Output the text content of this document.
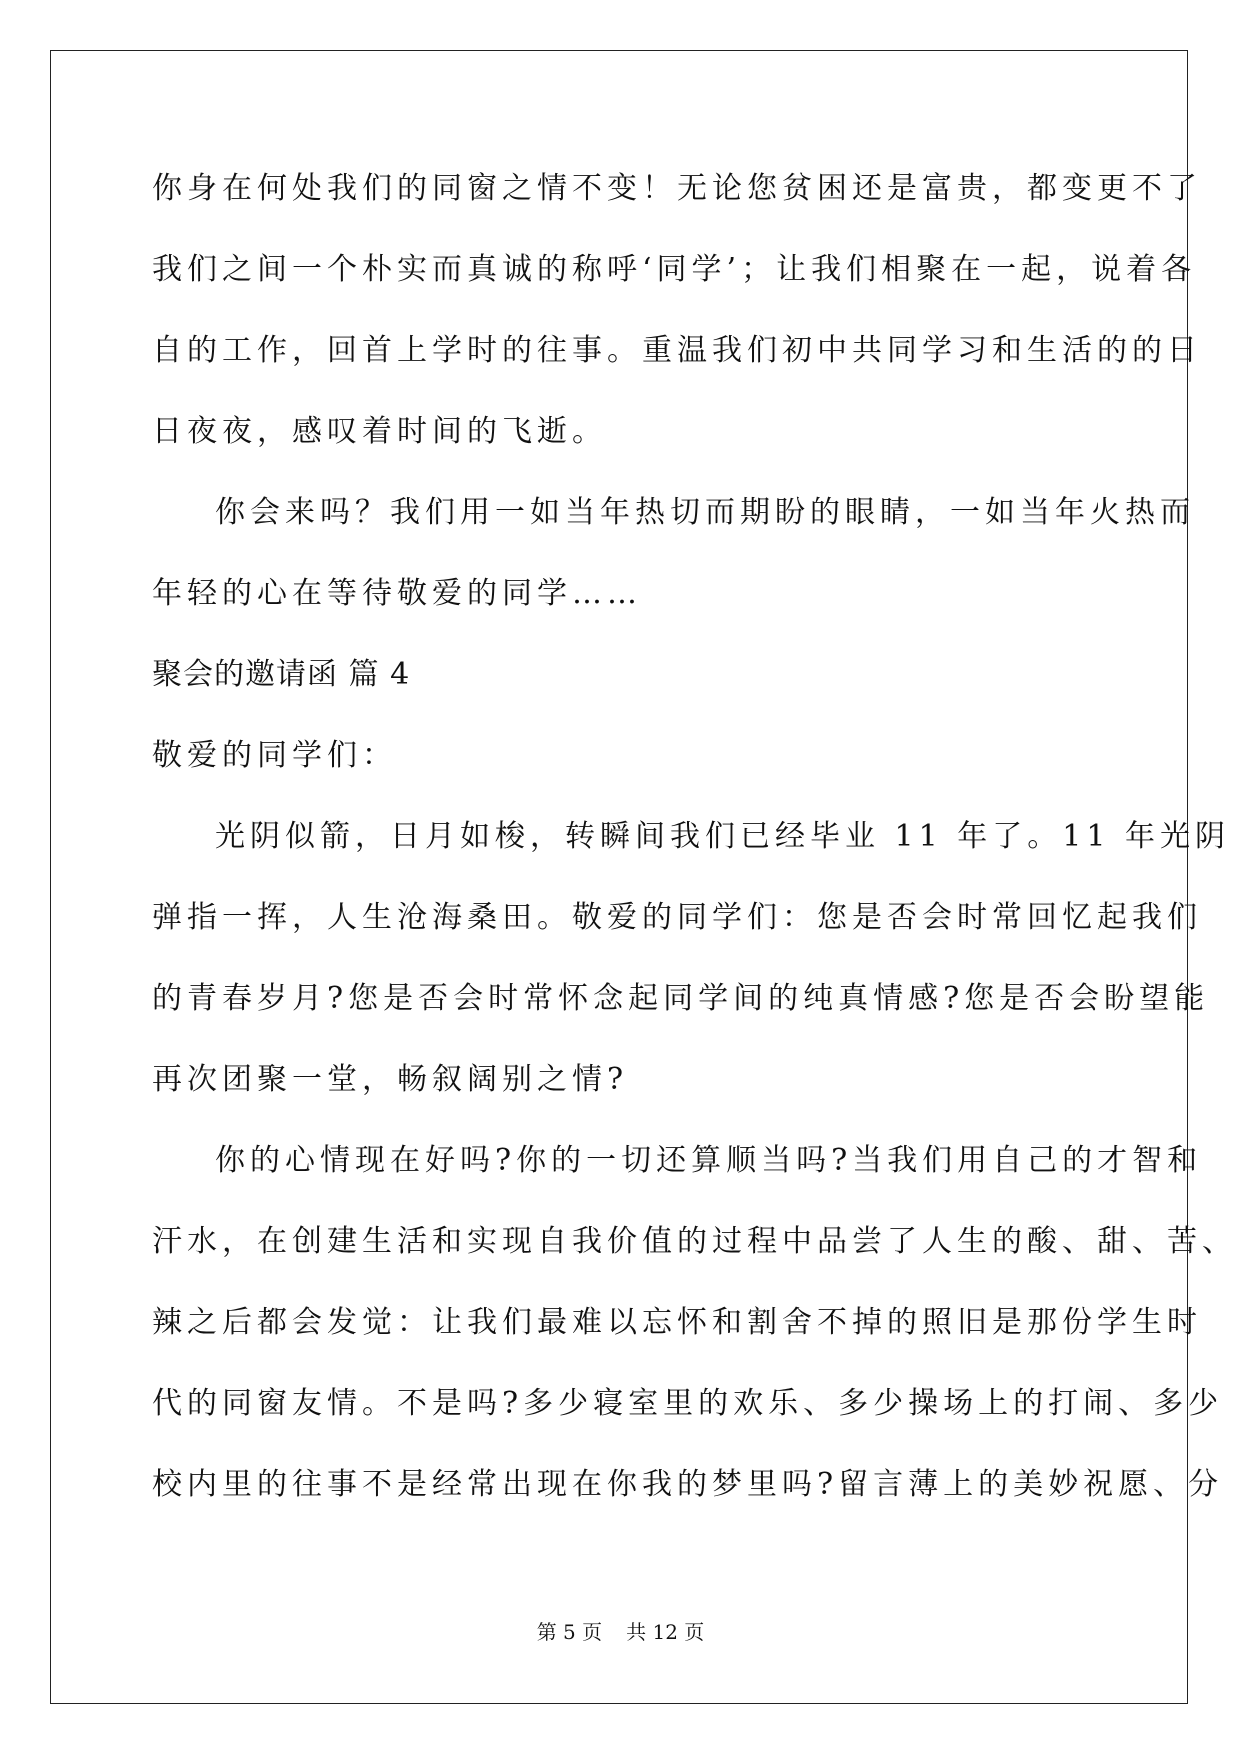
你身在何处我们的同窗之情不变！无论您贫困还是富贵，都变更不了
我们之间一个朴实而真诚的称呼‘同学’；让我们相聚在一起，说着各
自的工作，回首上学时的往事。重温我们初中共同学习和生活的的日
日夜夜，感叹着时间的飞逝。
你会来吗？我们用一如当年热切而期盼的眼睛，一如当年火热而
年轻的心在等待敬爱的同学……
聚会的邀请函 篇 4
敬爱的同学们：
光阴似箭，日月如梭，转瞬间我们已经毕业 11 年了。11 年光阴
弹指一挥，人生沧海桑田。敬爱的同学们：您是否会时常回忆起我们
的青春岁月?您是否会时常怀念起同学间的纯真情感?您是否会盼望能
再次团聚一堂，畅叙阔别之情?
你的心情现在好吗?你的一切还算顺当吗?当我们用自己的才智和
汗水，在创建生活和实现自我价值的过程中品尝了人生的酸、甜、苦、
辣之后都会发觉：让我们最难以忘怀和割舍不掉的照旧是那份学生时
代的同窗友情。不是吗?多少寝室里的欢乐、多少操场上的打闹、多少
校内里的往事不是经常出现在你我的梦里吗?留言薄上的美妙祝愿、分
第 5 页 共 12 页
